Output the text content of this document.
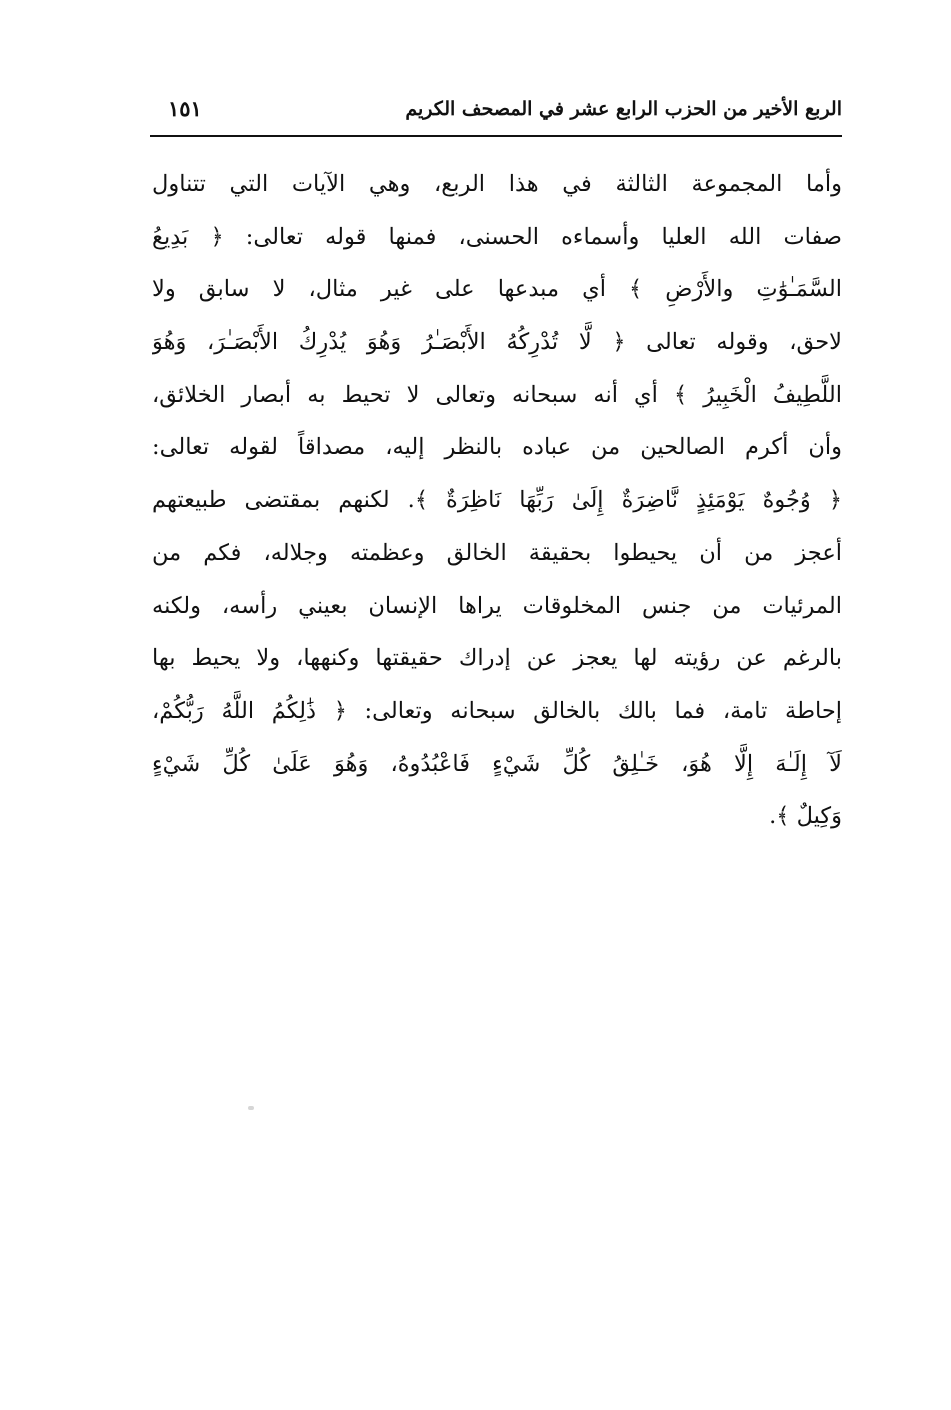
الربع الأخير من الحزب الرابع عشر في المصحف الكريم
١٥١
وأما المجموعة الثالثة في هذا الربع، وهي الآيات التي تتناول
صفات الله العليا وأسماءه الحسنى، فمنها قوله تعالى: ﴿ بَدِيعُ
السَّمَـٰوَٰتِ والأَرْضِ ﴾ أي مبدعها على غير مثال، لا سابق ولا
لاحق، وقوله تعالى ﴿ لَّا تُدْرِكُهُ الأَبْصَـٰرُ وَهُوَ يُدْرِكُ الأَبْصَـٰرَ، وَهُوَ
اللَّطِيفُ الْخَبِيرُ ﴾ أي أنه سبحانه وتعالى لا تحيط به أبصار الخلائق،
وأن أكرم الصالحين من عباده بالنظر إليه، مصداقاً لقوله تعالى:
﴿ وُجُوهٌ يَوْمَئِذٍ نَّاضِرَةٌ إِلَىٰ رَبِّهَا نَاظِرَةٌ ﴾. لكنهم بمقتضى طبيعتهم
أعجز من أن يحيطوا بحقيقة الخالق وعظمته وجلاله، فكم من
المرئيات من جنس المخلوقات يراها الإنسان بعيني رأسه، ولكنه
بالرغم عن رؤيته لها يعجز عن إدراك حقيقتها وكنهها، ولا يحيط بها
إحاطة تامة، فما بالك بالخالق سبحانه وتعالى: ﴿ ذَٰلِكُمُ اللَّهُ رَبُّكُمْ،
لَآ إِلَـٰهَ إِلَّا هُوَ، خَـٰلِقُ كُلِّ شَيْءٍ فَاعْبُدُوهُ، وَهُوَ عَلَىٰ كُلِّ شَيْءٍ
وَكِيلٌ ﴾.
